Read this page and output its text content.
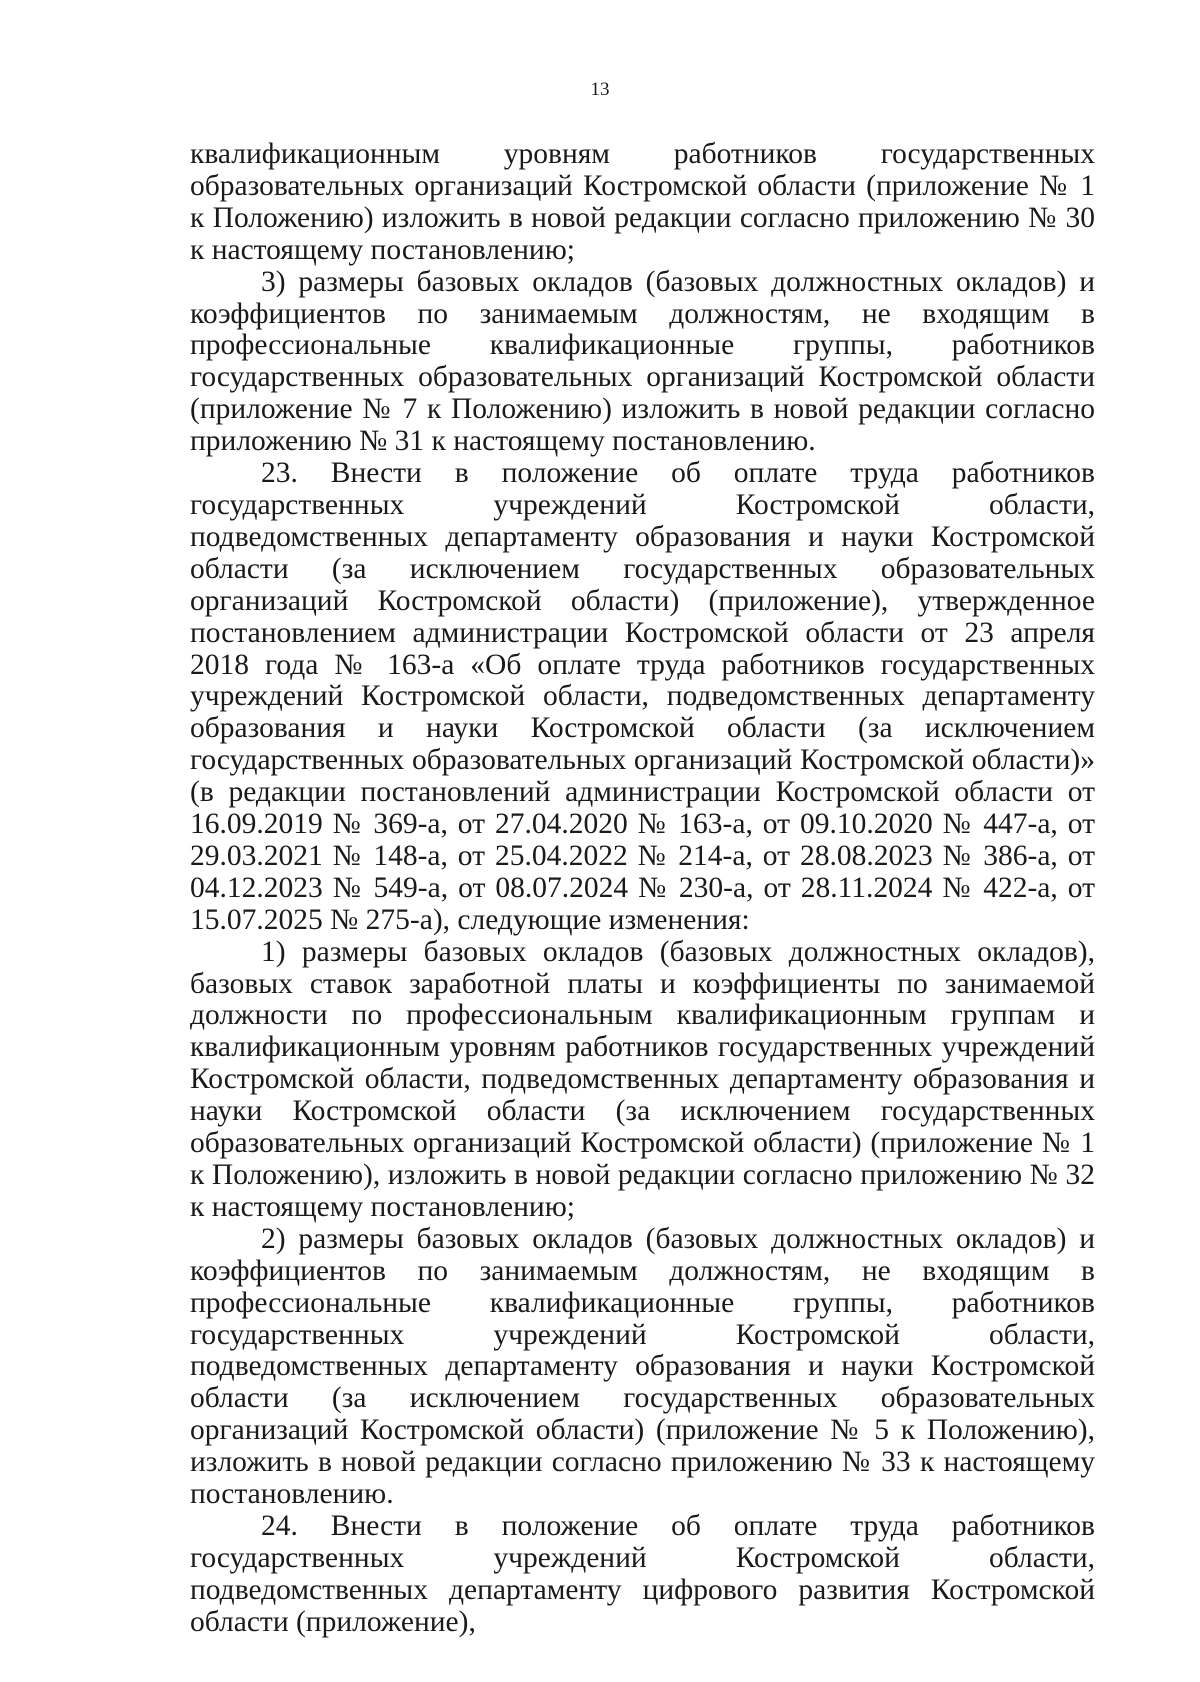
13

квалификационным уровням работников государственных образовательных организаций Костромской области (приложение № 1 к Положению) изложить в новой редакции согласно приложению № 30 к настоящему постановлению;

3) размеры базовых окладов (базовых должностных окладов) и коэффициентов по занимаемым должностям, не входящим в профессиональные квалификационные группы, работников государственных образовательных организаций Костромской области (приложение № 7 к Положению) изложить в новой редакции согласно приложению № 31 к настоящему постановлению.

23. Внести в положение об оплате труда работников государственных учреждений Костромской области, подведомственных департаменту образования и науки Костромской области (за исключением государственных образовательных организаций Костромской области) (приложение), утвержденное постановлением администрации Костромской области от 23 апреля 2018 года № 163-а «Об оплате труда работников государственных учреждений Костромской области, подведомственных департаменту образования и науки Костромской области (за исключением государственных образовательных организаций Костромской области)» (в редакции постановлений администрации Костромской области от 16.09.2019 № 369-а, от 27.04.2020 № 163-а, от 09.10.2020 № 447-а, от 29.03.2021 № 148-а, от 25.04.2022 № 214-а, от 28.08.2023 № 386-а, от 04.12.2023 № 549-а, от 08.07.2024 № 230-а, от 28.11.2024 № 422-а, от 15.07.2025 № 275-а), следующие изменения:

1) размеры базовых окладов (базовых должностных окладов), базовых ставок заработной платы и коэффициенты по занимаемой должности по профессиональным квалификационным группам и квалификационным уровням работников государственных учреждений Костромской области, подведомственных департаменту образования и науки Костромской области (за исключением государственных образовательных организаций Костромской области) (приложение № 1 к Положению), изложить в новой редакции согласно приложению № 32 к настоящему постановлению;

2) размеры базовых окладов (базовых должностных окладов) и коэффициентов по занимаемым должностям, не входящим в профессиональные квалификационные группы, работников государственных учреждений Костромской области, подведомственных департаменту образования и науки Костромской области (за исключением государственных образовательных организаций Костромской области) (приложение № 5 к Положению), изложить в новой редакции согласно приложению № 33 к настоящему постановлению.

24. Внести в положение об оплате труда работников государственных учреждений Костромской области, подведомственных департаменту цифрового развития Костромской области (приложение),
